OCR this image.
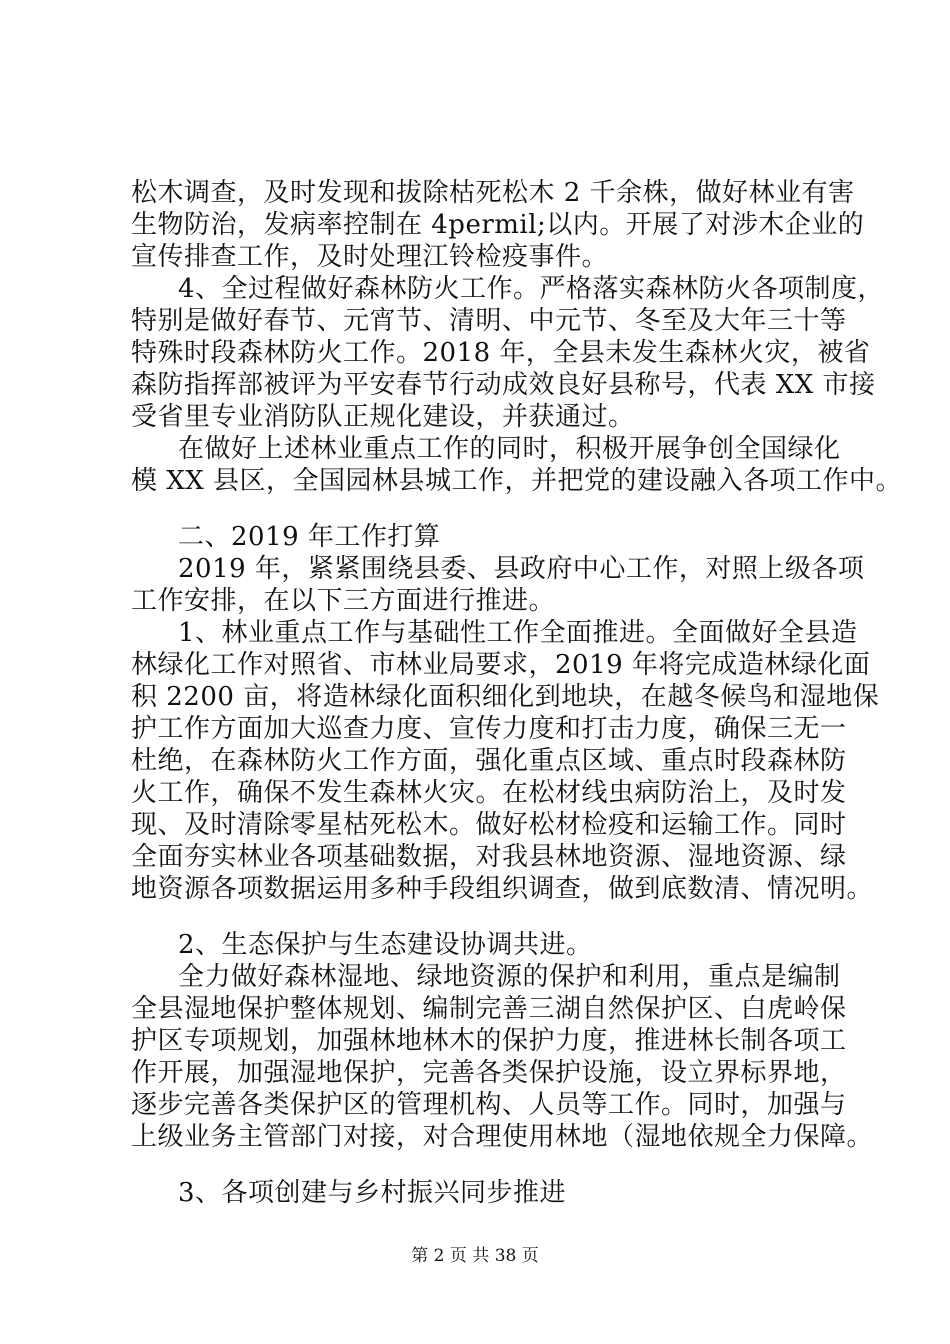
松木调查，及时发现和拔除枯死松木 2 千余株，做好林业有害
生物防治，发病率控制在 4permil;以内。开展了对涉木企业的
宣传排查工作，及时处理江铃检疫事件。
4、全过程做好森林防火工作。严格落实森林防火各项制度，
特别是做好春节、元宵节、清明、中元节、冬至及大年三十等
特殊时段森林防火工作。2018 年，全县未发生森林火灾，被省
森防指挥部被评为平安春节行动成效良好县称号，代表 XX 市接
受省里专业消防队正规化建设，并获通过。
在做好上述林业重点工作的同时，积极开展争创全国绿化
模 XX 县区，全国园林县城工作，并把党的建设融入各项工作中。
二、2019 年工作打算
2019 年，紧紧围绕县委、县政府中心工作，对照上级各项
工作安排，在以下三方面进行推进。
1、林业重点工作与基础性工作全面推进。全面做好全县造
林绿化工作对照省、市林业局要求，2019 年将完成造林绿化面
积 2200 亩，将造林绿化面积细化到地块，在越冬候鸟和湿地保
护工作方面加大巡查力度、宣传力度和打击力度，确保三无一
杜绝，在森林防火工作方面，强化重点区域、重点时段森林防
火工作，确保不发生森林火灾。在松材线虫病防治上，及时发
现、及时清除零星枯死松木。做好松材检疫和运输工作。同时
全面夯实林业各项基础数据，对我县林地资源、湿地资源、绿
地资源各项数据运用多种手段组织调查，做到底数清、情况明。
2、生态保护与生态建设协调共进。
全力做好森林湿地、绿地资源的保护和利用，重点是编制
全县湿地保护整体规划、编制完善三湖自然保护区、白虎岭保
护区专项规划，加强林地林木的保护力度，推进林长制各项工
作开展，加强湿地保护，完善各类保护设施，设立界标界地，
逐步完善各类保护区的管理机构、人员等工作。同时，加强与
上级业务主管部门对接，对合理使用林地（湿地依规全力保障。
3、各项创建与乡村振兴同步推进
第 2 页 共 38 页
